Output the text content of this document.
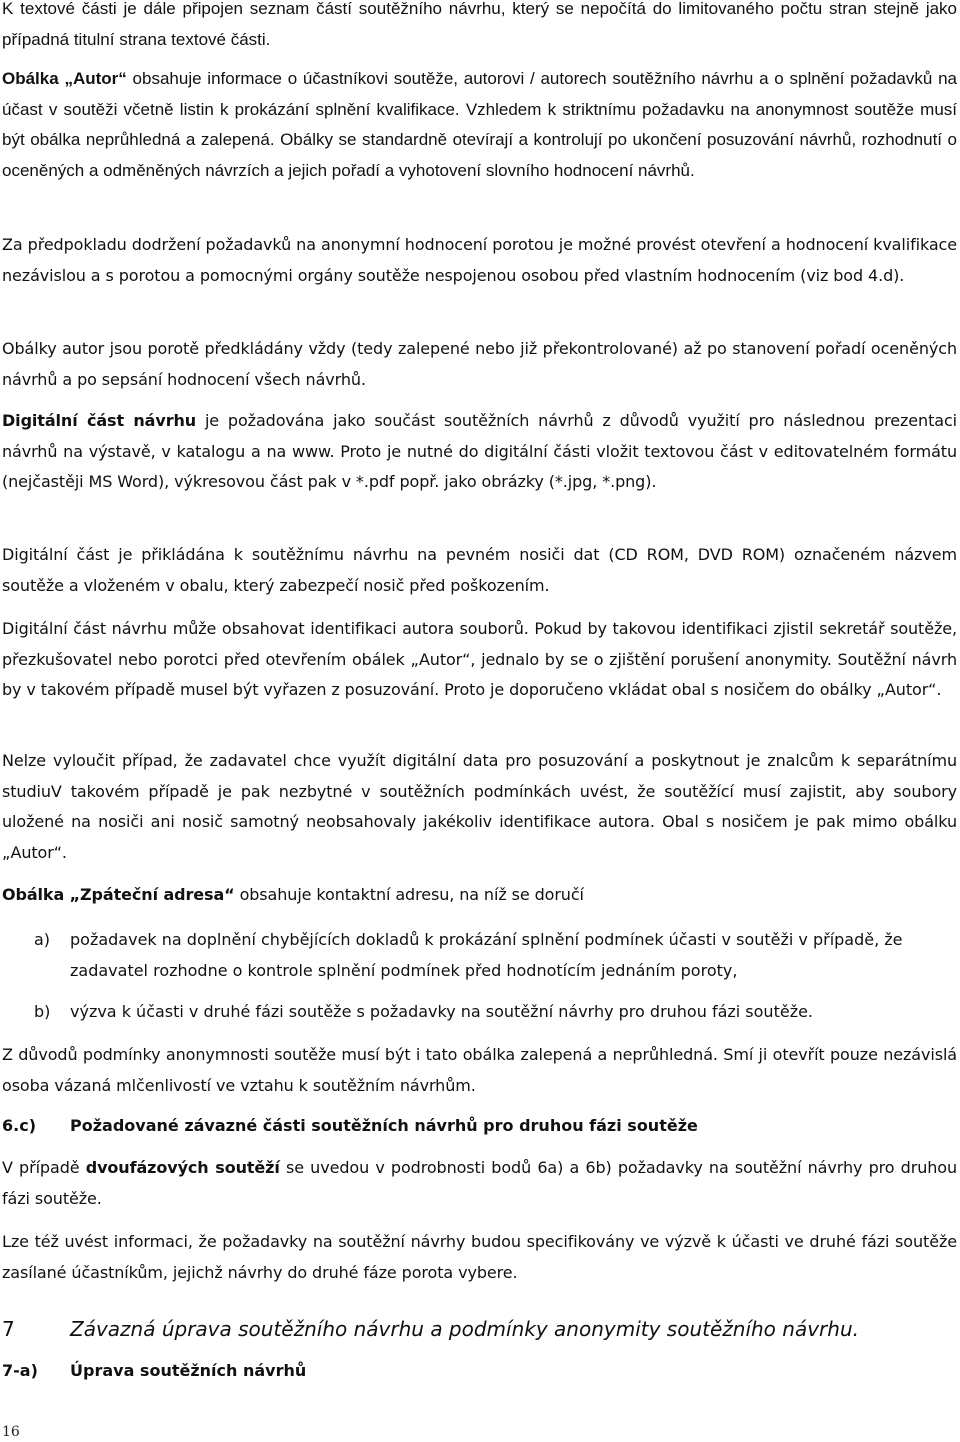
K textové části je dále připojen seznam částí soutěžního návrhu, který se nepočítá do limitovaného počtu stran stejně jako případná titulní strana textové části.

Obálka „Autor“ obsahuje informace o účastníkovi soutěže, autorovi / autorech soutěžního návrhu a o splnění požadavků na účast v soutěži včetně listin k prokázání splnění kvalifikace. Vzhledem k striktnímu požadavku na anonymnost soutěže musí být obálka neprůhledná a zalepená. Obálky se standardně otevírají a kontrolují po ukončení posuzování návrhů, rozhodnutí o oceněných a odměněných návrzích a jejich pořadí a vyhotovení slovního hodnocení návrhů.

Za předpokladu dodržení požadavků na anonymní hodnocení porotou je možné provést otevření a hodnocení kvalifikace nezávislou a s porotou a pomocnými orgány soutěže nespojenou osobou před vlastním hodnocením (viz bod 4.d).

Obálky autor jsou porotě předkládány vždy (tedy zalepené nebo již překontrolované) až po stanovení pořadí oceněných návrhů a po sepsání hodnocení všech návrhů.

Digitální část návrhu je požadována jako součást soutěžních návrhů z důvodů využití pro následnou prezentaci návrhů na výstavě, v katalogu a na www. Proto je nutné do digitální části vložit textovou část v editovatelném formátu (nejčastěji MS Word), výkresovou část pak v *.pdf popř. jako obrázky (*.jpg, *.png).

Digitální část je přikládána k soutěžnímu návrhu na pevném nosiči dat (CD ROM, DVD ROM) označeném názvem soutěže a vloženém v obalu, který zabezpečí nosič před poškozením.

Digitální část návrhu může obsahovat identifikaci autora souborů. Pokud by takovou identifikaci zjistil sekretář soutěže, přezkušovatel nebo porotci před otevřením obálek „Autor“, jednalo by se o zjištění porušení anonymity. Soutěžní návrh by v takovém případě musel být vyřazen z posuzování. Proto je doporučeno vkládat obal s nosičem do obálky „Autor“.

Nelze vyloučit případ, že zadavatel chce využít digitální data pro posuzování a poskytnout je znalcům k separátnímu studiuV takovém případě je pak nezbytné v soutěžních podmínkách uvést, že soutěžící musí zajistit, aby soubory uložené na nosiči ani nosič samotný neobsahovaly jakékoliv identifikace autora. Obal s nosičem je pak mimo obálku „Autor“.

Obálka „Zpáteční adresa“ obsahuje kontaktní adresu, na níž se doručí

a)	požadavek na doplnění chybějících dokladů k prokázání splnění podmínek účasti v soutěži v případě, že zadavatel rozhodne o kontrole splnění podmínek před hodnotícím jednáním poroty,
b)	výzva k účasti v druhé fázi soutěže s požadavky na soutěžní návrhy pro druhou fázi soutěže.

Z důvodů podmínky anonymnosti soutěže musí být i tato obálka zalepená a neprůhledná. Smí ji otevřít pouze nezávislá osoba vázaná mlčenlivostí ve vztahu k soutěžním návrhům.

6.c) Požadované závazné části soutěžních návrhů pro druhou fázi soutěže

V případě dvoufázových soutěží se uvedou v podrobnosti bodů 6a) a 6b) požadavky na soutěžní návrhy pro druhou fázi soutěže.

Lze též uvést informaci, že požadavky na soutěžní návrhy budou specifikovány ve výzvě k účasti ve druhé fázi soutěže zasílané účastníkům, jejichž návrhy do druhé fáze porota vybere.

7	Závazná úprava soutěžního návrhu a podmínky anonymity soutěžního návrhu.
7-a) Úprava soutěžních návrhů
16
